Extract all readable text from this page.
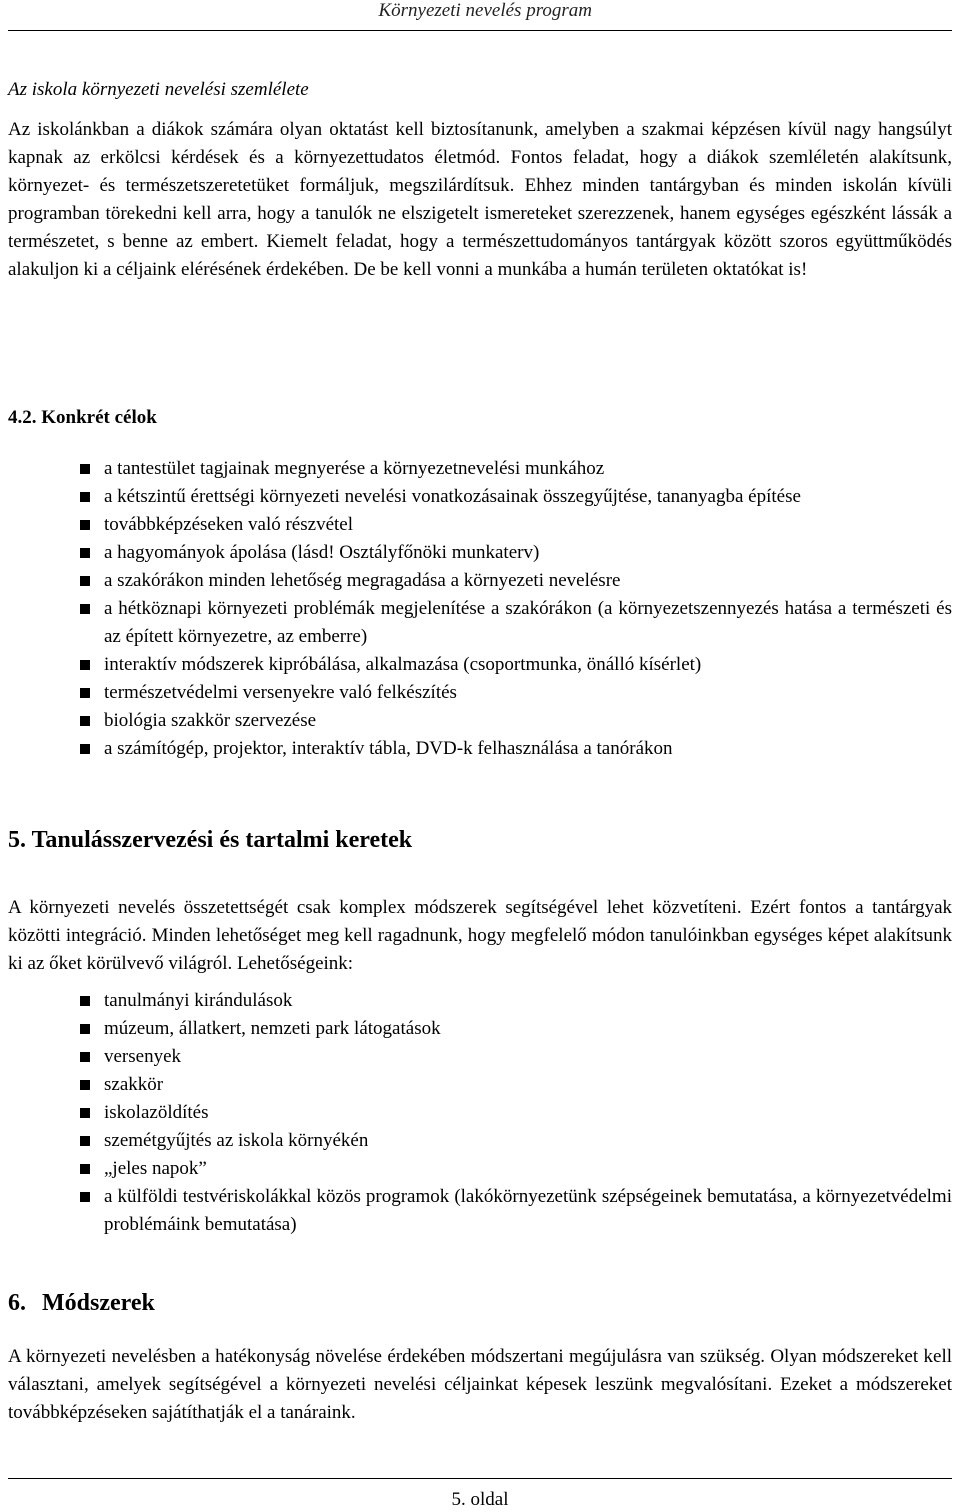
Környezeti nevelés program

Az iskola környezeti nevelési szemlélete

Az iskolánkban a diákok számára olyan oktatást kell biztosítanunk, amelyben a szakmai képzésen kívül nagy hangsúlyt kapnak az erkölcsi kérdések és a környezettudatos életmód. Fontos feladat, hogy a diákok szemléletén alakítsunk, környezet- és természetszeretetüket formáljuk, megszilárdítsuk. Ehhez minden tantárgyban és minden iskolán kívüli programban törekedni kell arra, hogy a tanulók ne elszigetelt ismereteket szerezzenek, hanem egységes egészként lássák a természetet, s benne az embert. Kiemelt feladat, hogy a természettudományos tantárgyak között szoros együttműködés alakuljon ki a céljaink elérésének érdekében. De be kell vonni a munkába a humán területen oktatókat is!

4.2. Konkrét célok

a tantestület tagjainak megnyerése a környezetnevelési munkához
a kétszintű érettségi környezeti nevelési vonatkozásainak összegyűjtése, tananyagba építése
továbbképzéseken való részvétel
a hagyományok ápolása (lásd! Osztályfőnöki munkaterv)
a szakórákon minden lehetőség megragadása a környezeti nevelésre
a hétköznapi környezeti problémák megjelenítése a szakórákon (a környezetszennyezés hatása a természeti és az épített környezetre, az emberre)
interaktív módszerek kipróbálása, alkalmazása (csoportmunka, önálló kísérlet)
természetvédelmi versenyekre való felkészítés
biológia szakkör szervezése
a számítógép, projektor, interaktív tábla, DVD-k felhasználása a tanórákon

5. Tanulásszervezési és tartalmi keretek

A környezeti nevelés összetettségét csak komplex módszerek segítségével lehet közvetíteni. Ezért fontos a tantárgyak közötti integráció. Minden lehetőséget meg kell ragadnunk, hogy megfelelő módon tanulóinkban egységes képet alakítsunk ki az őket körülvevő világról. Lehetőségeink:

tanulmányi kirándulások
múzeum, állatkert, nemzeti park látogatások
versenyek
szakkör
iskolazöldítés
szemétgyűjtés az iskola környékén
„jeles napok”
a külföldi testvériskolákkal közös programok (lakókörnyezetünk szépségeinek bemutatása, a környezetvédelmi problémáink bemutatása)

6. Módszerek

A környezeti nevelésben a hatékonyság növelése érdekében módszertani megújulásra van szükség. Olyan módszereket kell választani, amelyek segítségével a környezeti nevelési céljainkat képesek leszünk megvalósítani. Ezeket a módszereket továbbképzéseken sajátíthatják el a tanáraink.

5. oldal
